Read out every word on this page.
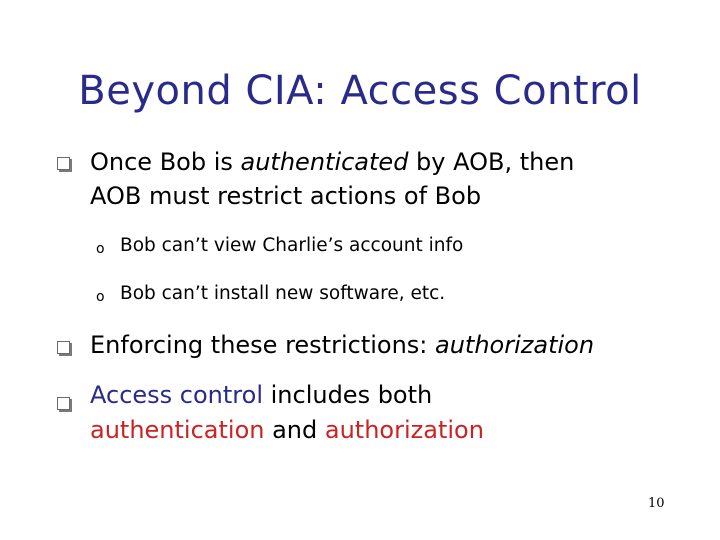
Beyond CIA: Access Control
Once Bob is authenticated by AOB, then
AOB must restrict actions of Bob
o Bob can’t view Charlie’s account info
o Bob can’t install new software, etc.
Enforcing these restrictions: authorization
Access control includes both
authentication and authorization
10
